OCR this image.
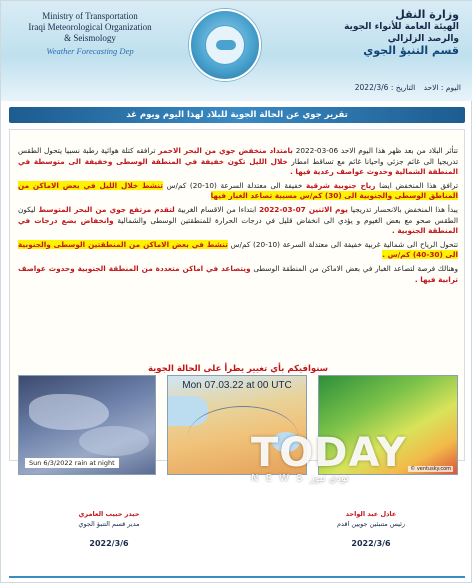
Ministry of Transportation
Iraqi Meteorological Organization
& Seismology
Weather Forecasting Dep
وزارة النقل
الهيئة العامة للأنواء الجوية
والرصد الزلزالي
قسم التنبؤ الجوي
اليوم : الاحد التاريخ : 2022/3/6
تقرير جوي عن الحالة الجوية للبلاد لهذا اليوم ويوم غد

تتأثر البلاد من بعد ظهر هذا اليوم الاحد 06-03-2022 بامتداد منخفض جوي من البحر الاحمر ترافقه كتلة هوائية رطبة نسبيا يتحول الطقس تدريجيا الى غائم جزئي واحيانا غائم مع تساقط امطار خلال الليل تكون خفيفة في المنطقة الوسطى وخفيفة الى متوسطة في المنطقة الشمالية وحدوث عواصف رعدية فيها .

ترافق هذا المنخفض ايضا رياح جنوبية شرقية خفيفة الى معتدلة السرعة (10-20) كم/س تنشط خلال الليل في بعض الاماكن من المناطق الوسطى والجنوبية الى (30) كم/س مسببة تصاعد الغبار فيها

يبدأ هذا المنخفض بالانحسار تدريجيا يوم الاثنين 07-03-2022 ابتداءا من الاقسام الغربية لتقدم مرتفع جوي من البحر المتوسط ليكون الطقس صحو مع بعض الغيوم و يؤدي الى انخفاض قليل في درجات الحرارة للمنطقتين الوسطى والشمالية وانخفاض بضع درجات في المنطقة الجنوبية .

تتحول الرياح الى شمالية غربية خفيفة الى معتدلة السرعة (10-20) كم/س تنشط في بعض الاماكن من المنطقتين الوسطى والجنوبية الى (30-40) كم/س .

وهنالك فرصة لتصاعد الغبار في بعض الاماكن من المنطقة الوسطى ويتصاعد في اماكن متعددة من المنطقة الجنوبية وحدوث عواصف ترابية فيها .

سنوافيكم بأي تغيير يطرأ على الحالة الجوية
Sun 6/3/2022 rain at night
Mon 07.03.22 at 00 UTC
© ventusky.com
TODAY
N E W S تودي نيوز
حيدر حبيب العامري
مدير قسم التنبؤ الجوي
2022/3/6
عادل عبد الواحد
رئيس متنبئين جويين اقدم
2022/3/6
